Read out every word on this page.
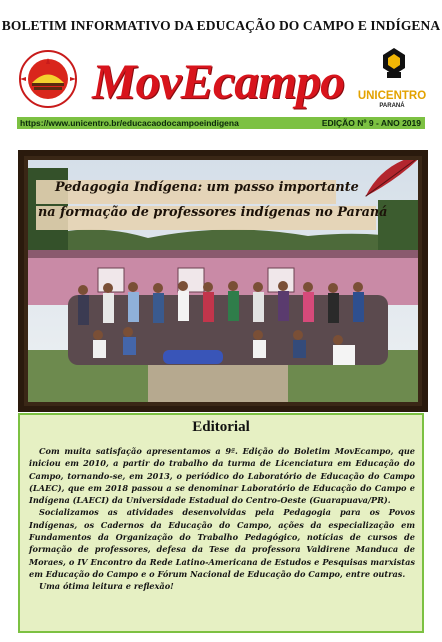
BOLETIM INFORMATIVO DA EDUCAÇÃO DO CAMPO E INDÍGENA
MovEcampo UNICENTRO
PARANÁ
https://www.unicentro.br/educacaodocampoeindigena	EDIÇÃO Nº 9 - ANO 2019
Pedagogia Indígena: um passo importante
na formação de professores indígenas no Paraná
Editorial

Com muita satisfação apresentamos a 9ª. Edição do Boletim MovEcampo, que iniciou em 2010, a partir do trabalho da turma de Licenciatura em Educação do Campo, tornando-se, em 2013, o periódico do Laboratório de Educação do Campo (LAEC), que em 2018 passou a se denominar Laboratório de Educação do Campo e Indígena (LAECI) da Universidade Estadual do Centro-Oeste (Guarapuava/PR).

Socializamos as atividades desenvolvidas pela Pedagogia para os Povos Indígenas, os Cadernos da Educação do Campo, ações da especialização em Fundamentos da Organização do Trabalho Pedagógico, notícias de cursos de formação de professores, defesa da Tese da professora Valdirene Manduca de Moraes, o IV Encontro da Rede Latino-Americana de Estudos e Pesquisas marxistas em Educação do Campo e o Fórum Nacional de Educação do Campo, entre outras.

Uma ótima leitura e reflexão!
